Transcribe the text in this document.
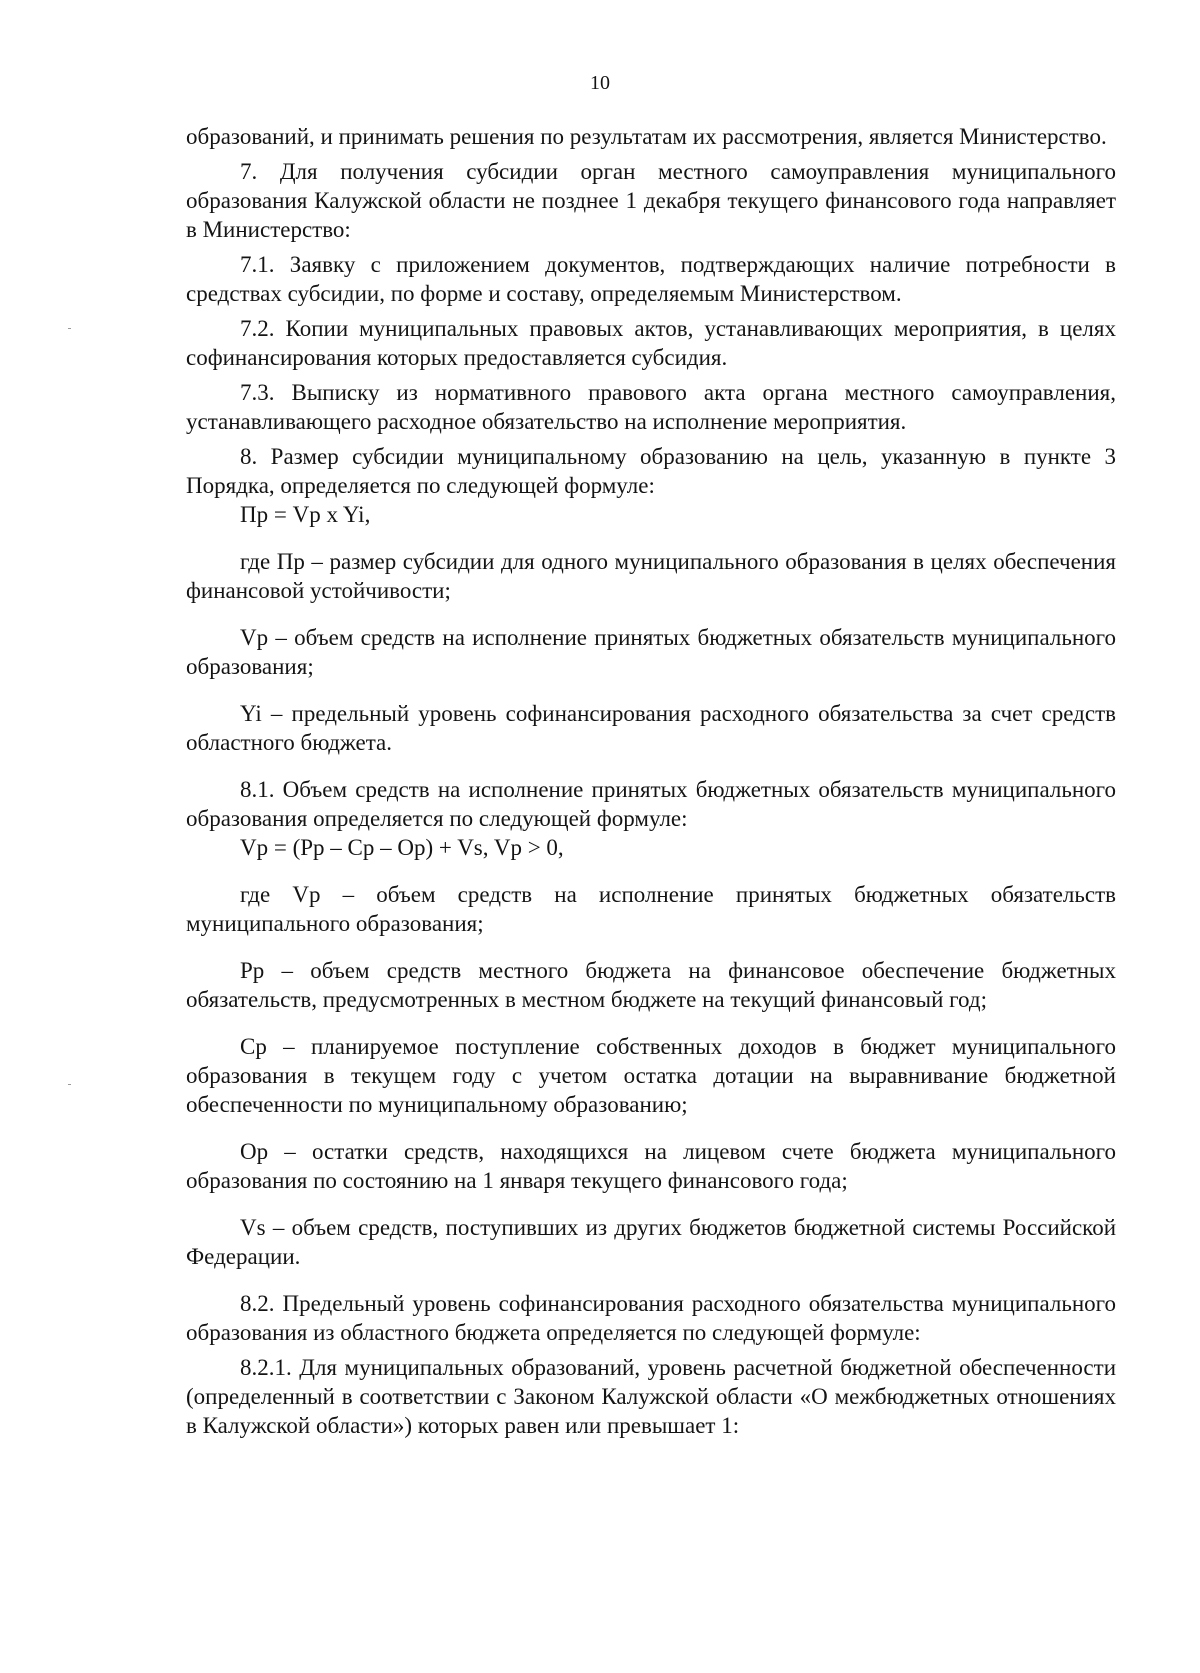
10

образований, и принимать решения по результатам их рассмотрения, является Министерство.

7. Для получения субсидии орган местного самоуправления муниципального образования Калужской области не позднее 1 декабря текущего финансового года направляет в Министерство:

7.1. Заявку с приложением документов, подтверждающих наличие потребности в средствах субсидии, по форме и составу, определяемым Министерством.

7.2. Копии муниципальных правовых актов, устанавливающих мероприятия, в целях софинансирования которых предоставляется субсидия.

7.3. Выписку из нормативного правового акта органа местного самоуправления, устанавливающего расходное обязательство на исполнение мероприятия.

8. Размер субсидии муниципальному образованию на цель, указанную в пункте 3 Порядка, определяется по следующей формуле:

Пр = Vp x Yi,

где Пр – размер субсидии для одного муниципального образования в целях обеспечения финансовой устойчивости;

Vp – объем средств на исполнение принятых бюджетных обязательств муниципального образования;

Yi – предельный уровень софинансирования расходного обязательства за счет средств областного бюджета.

8.1. Объем средств на исполнение принятых бюджетных обязательств муниципального образования определяется по следующей формуле:

Vp = (Pp – Cp – Op) + Vs, Vp > 0,

где Vp – объем средств на исполнение принятых бюджетных обязательств муниципального образования;

Pp – объем средств местного бюджета на финансовое обеспечение бюджетных обязательств, предусмотренных в местном бюджете на текущий финансовый год;

Cp – планируемое поступление собственных доходов в бюджет муниципального образования в текущем году с учетом остатка дотации на выравнивание бюджетной обеспеченности по муниципальному образованию;

Op – остатки средств, находящихся на лицевом счете бюджета муниципального образования по состоянию на 1 января текущего финансового года;

Vs – объем средств, поступивших из других бюджетов бюджетной системы Российской Федерации.

8.2. Предельный уровень софинансирования расходного обязательства муниципального образования из областного бюджета определяется по следующей формуле:

8.2.1. Для муниципальных образований, уровень расчетной бюджетной обеспеченности (определенный в соответствии с Законом Калужской области «О межбюджетных отношениях в Калужской области») которых равен или превышает 1:
